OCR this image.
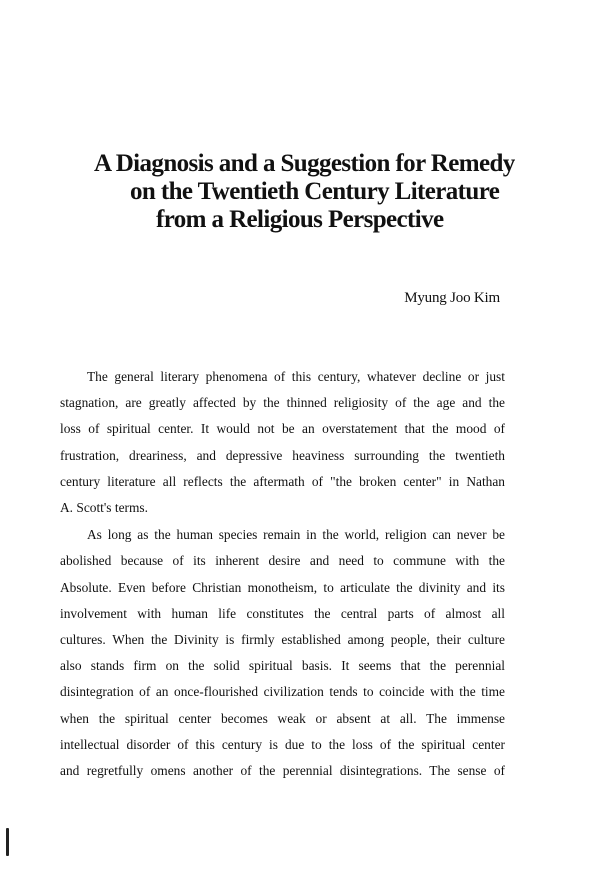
A Diagnosis and a Suggestion for Remedy
on the Twentieth Century Literature
from a Religious Perspective
Myung Joo Kim

The general literary phenomena of this century, whatever decline or just
stagnation, are greatly affected by the thinned religiosity of the age and the
loss of spiritual center. It would not be an overstatement that the mood of
frustration, dreariness, and depressive heaviness surrounding the twentieth
century literature all reflects the aftermath of "the broken center" in Nathan
A. Scott's terms.

As long as the human species remain in the world, religion can never be
abolished because of its inherent desire and need to commune with the
Absolute. Even before Christian monotheism, to articulate the divinity and its
involvement with human life constitutes the central parts of almost all
cultures. When the Divinity is firmly established among people, their culture
also stands firm on the solid spiritual basis. It seems that the perennial
disintegration of an once-flourished civilization tends to coincide with the time
when the spiritual center becomes weak or absent at all. The immense
intellectual disorder of this century is due to the loss of the spiritual center
and regretfully omens another of the perennial disintegrations. The sense of
